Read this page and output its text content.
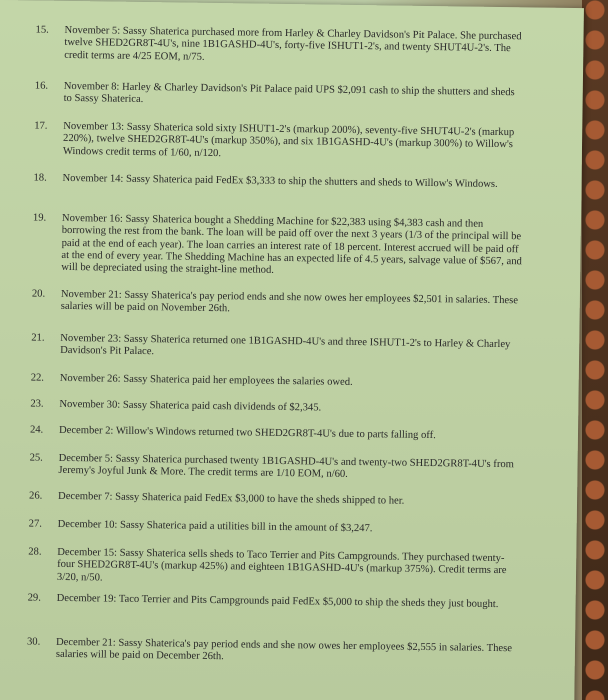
15.	November 5: Sassy Shaterica purchased more from Harley & Charley Davidson's Pit Palace. She purchased twelve SHED2GR8T-4U's, nine 1B1GASHD-4U's, forty-five ISHUT1-2's, and twenty SHUT4U-2's. The credit terms are 4/25 EOM, n/75.
16.	November 8: Harley & Charley Davidson's Pit Palace paid UPS $2,091 cash to ship the shutters and sheds to Sassy Shaterica.
17.	November 13: Sassy Shaterica sold sixty ISHUT1-2's (markup 200%), seventy-five SHUT4U-2's (markup 220%), twelve SHED2GR8T-4U's (markup 350%), and six 1B1GASHD-4U's (markup 300%) to Willow's Windows credit terms of 1/60, n/120.
18.	November 14: Sassy Shaterica paid FedEx $3,333 to ship the shutters and sheds to Willow's Windows.
19.	November 16: Sassy Shaterica bought a Shedding Machine for $22,383 using $4,383 cash and then borrowing the rest from the bank. The loan will be paid off over the next 3 years (1/3 of the principal will be paid at the end of each year). The loan carries an interest rate of 18 percent. Interest accrued will be paid off at the end of every year. The Shedding Machine has an expected life of 4.5 years, salvage value of $567, and will be depreciated using the straight-line method.
20.	November 21: Sassy Shaterica's pay period ends and she now owes her employees $2,501 in salaries. These salaries will be paid on November 26th.
21.	November 23: Sassy Shaterica returned one 1B1GASHD-4U's and three ISHUT1-2's to Harley & Charley Davidson's Pit Palace.
22.	November 26: Sassy Shaterica paid her employees the salaries owed.
23.	November 30: Sassy Shaterica paid cash dividends of $2,345.
24.	December 2: Willow's Windows returned two SHED2GR8T-4U's due to parts falling off.
25.	December 5: Sassy Shaterica purchased twenty 1B1GASHD-4U's and twenty-two SHED2GR8T-4U's from Jeremy's Joyful Junk & More. The credit terms are 1/10 EOM, n/60.
26.	December 7: Sassy Shaterica paid FedEx $3,000 to have the sheds shipped to her.
27.	December 10: Sassy Shaterica paid a utilities bill in the amount of $3,247.
28.	December 15: Sassy Shaterica sells sheds to Taco Terrier and Pits Campgrounds. They purchased twenty-four SHED2GR8T-4U's (markup 425%) and eighteen 1B1GASHD-4U's (markup 375%). Credit terms are 3/20, n/50.
29.	December 19: Taco Terrier and Pits Campgrounds paid FedEx $5,000 to ship the sheds they just bought.
30.	December 21: Sassy Shaterica's pay period ends and she now owes her employees $2,555 in salaries. These salaries will be paid on December 26th.
